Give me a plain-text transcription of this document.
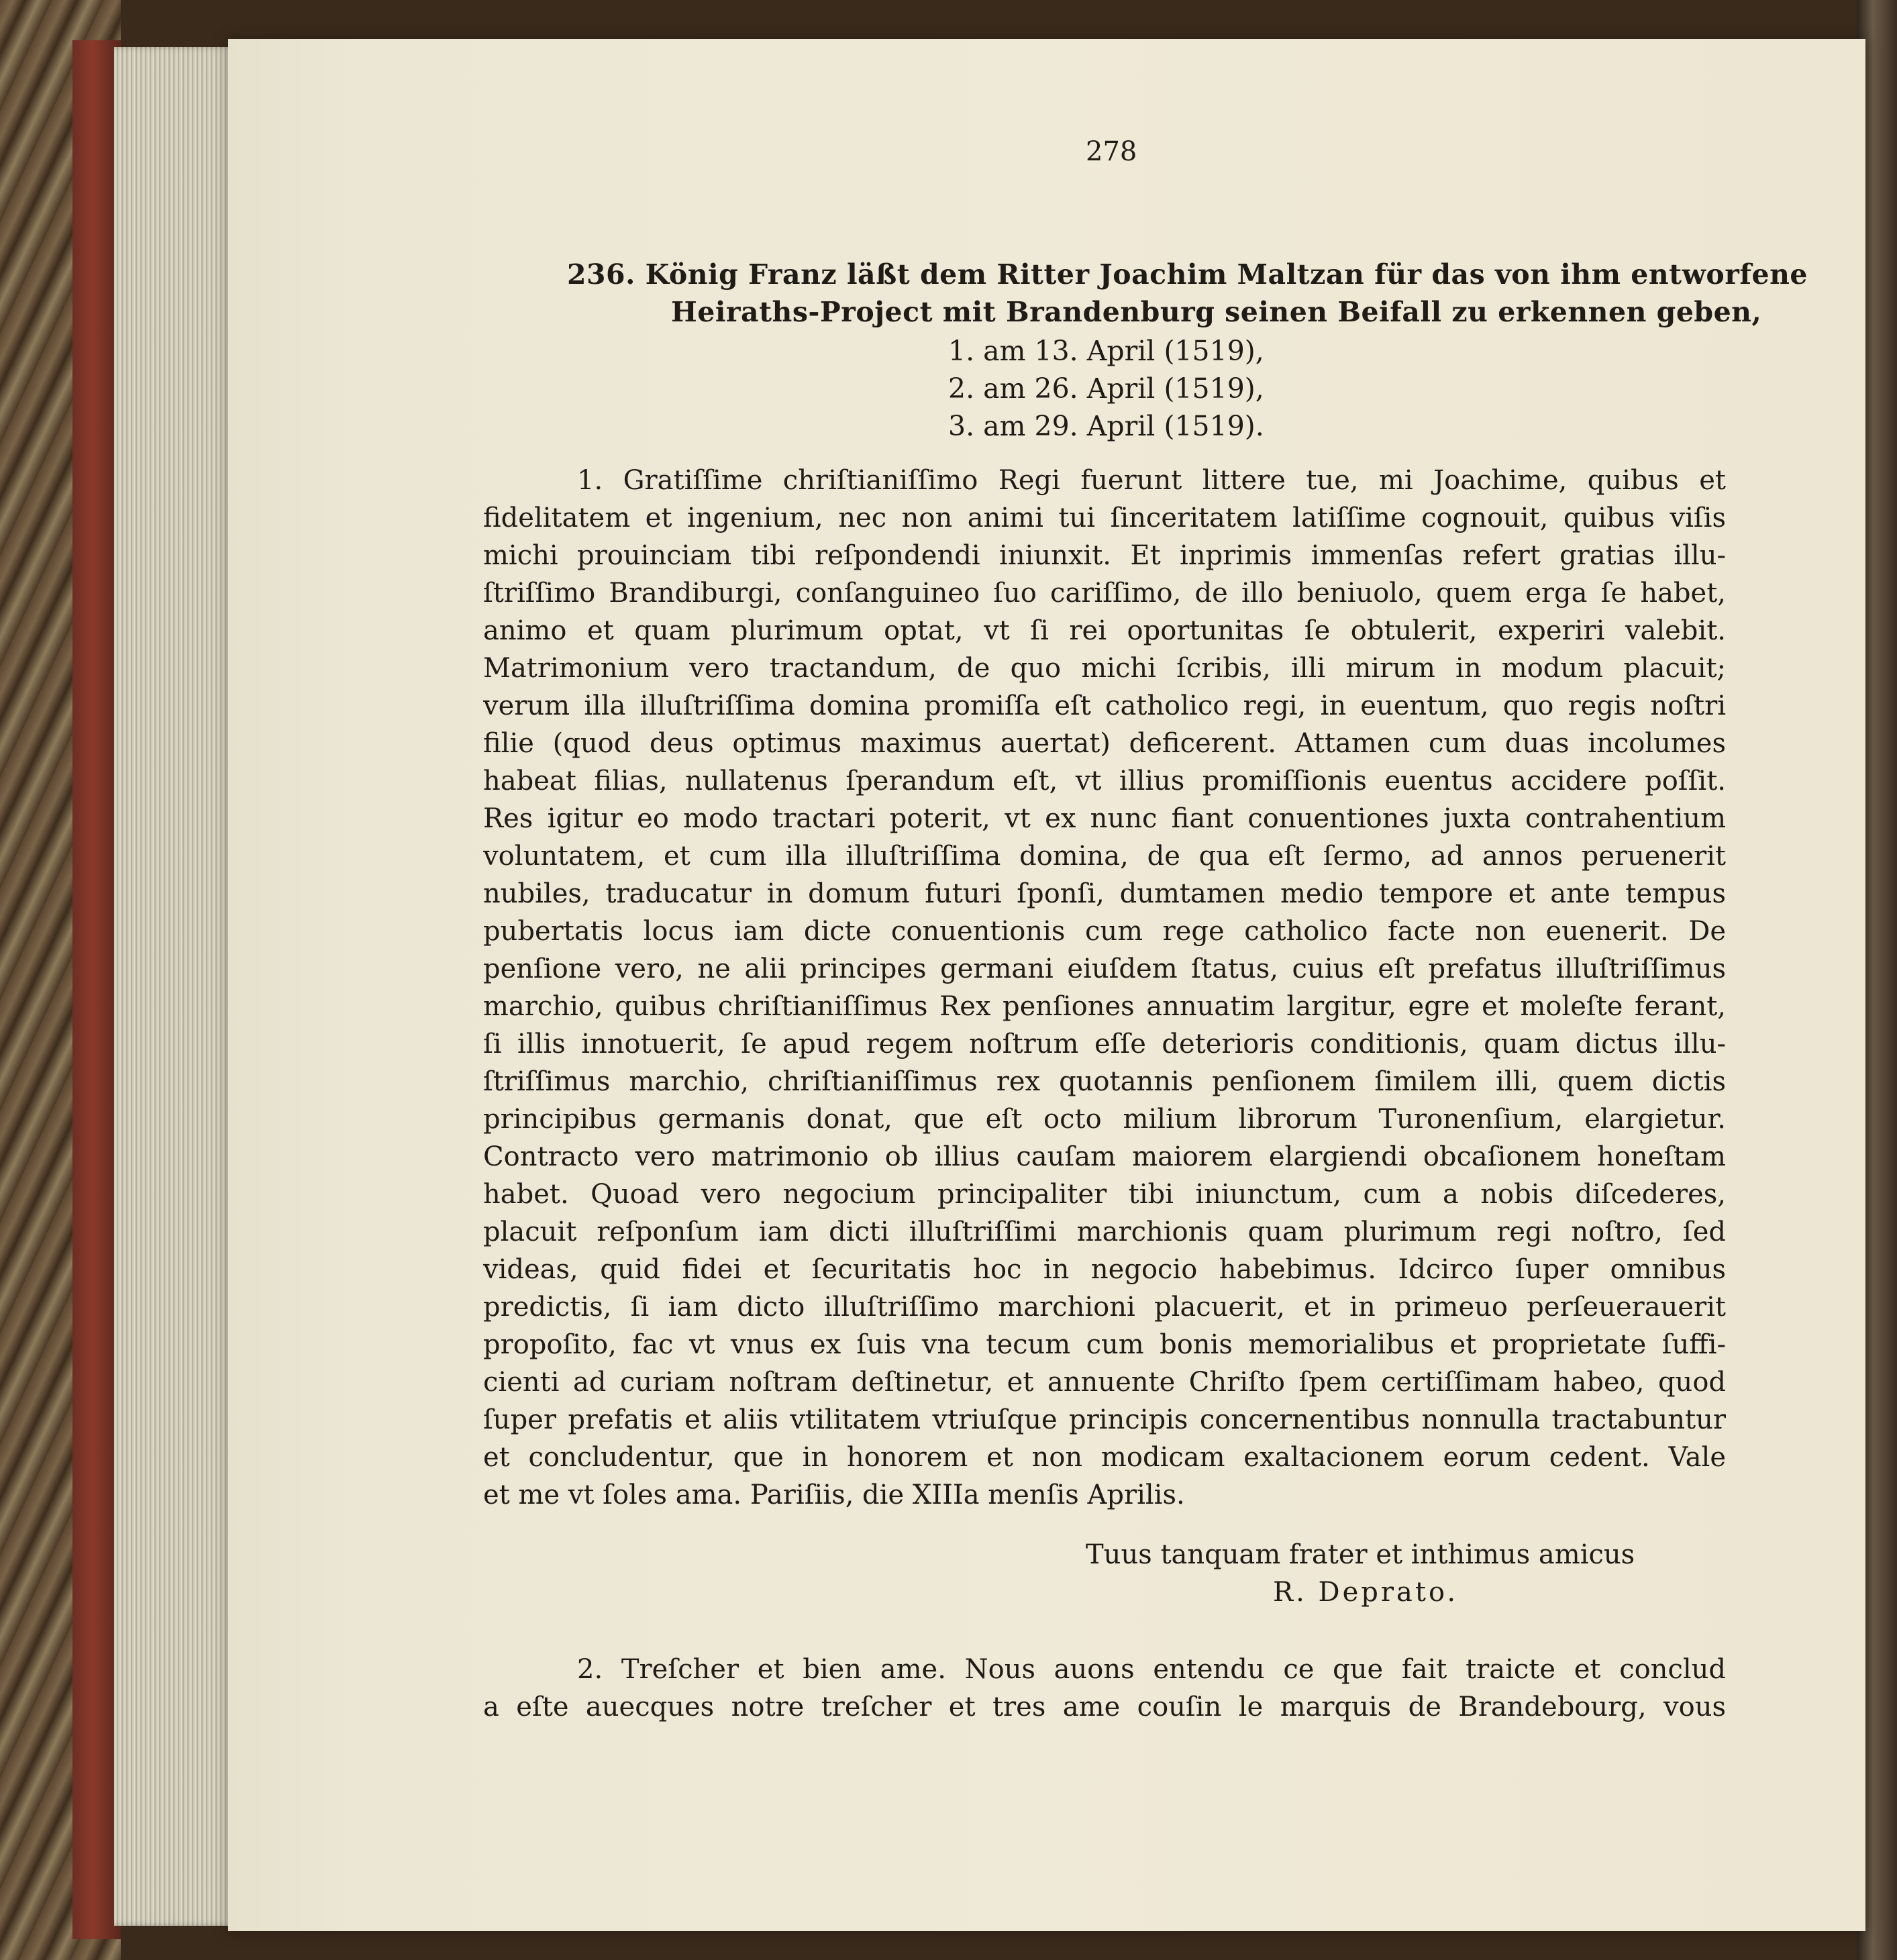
278
236. König Franz läßt dem Ritter Joachim Maltzan für das von ihm entworfene
Heiraths-Project mit Brandenburg seinen Beifall zu erkennen geben,
1. am 13. April (1519),
2. am 26. April (1519),
3. am 29. April (1519).
1. Gratiſſime chriſtianiſſimo Regi fuerunt littere tue, mi Joachime, quibus et
fidelitatem et ingenium, nec non animi tui ſinceritatem latiſſime cognouit, quibus viſis
michi prouinciam tibi reſpondendi iniunxit. Et inprimis immenſas refert gratias illu-
ſtriſſimo Brandiburgi, conſanguineo ſuo cariſſimo, de illo beniuolo, quem erga ſe habet,
animo et quam plurimum optat, vt ſi rei oportunitas ſe obtulerit, experiri valebit.
Matrimonium vero tractandum, de quo michi ſcribis, illi mirum in modum placuit;
verum illa illuſtriſſima domina promiſſa eſt catholico regi, in euentum, quo regis noſtri
filie (quod deus optimus maximus auertat) deficerent. Attamen cum duas incolumes
habeat filias, nullatenus ſperandum eſt, vt illius promiſſionis euentus accidere poſſit.
Res igitur eo modo tractari poterit, vt ex nunc fiant conuentiones juxta contrahentium
voluntatem, et cum illa illuſtriſſima domina, de qua eſt ſermo, ad annos peruenerit
nubiles, traducatur in domum futuri ſponſi, dumtamen medio tempore et ante tempus
pubertatis locus iam dicte conuentionis cum rege catholico facte non euenerit. De
penſione vero, ne alii principes germani eiuſdem ſtatus, cuius eſt prefatus illuſtriſſimus
marchio, quibus chriſtianiſſimus Rex penſiones annuatim largitur, egre et moleſte ferant,
ſi illis innotuerit, ſe apud regem noſtrum eſſe deterioris conditionis, quam dictus illu-
ſtriſſimus marchio, chriſtianiſſimus rex quotannis penſionem ſimilem illi, quem dictis
principibus germanis donat, que eſt octo milium librorum Turonenſium, elargietur.
Contracto vero matrimonio ob illius cauſam maiorem elargiendi obcaſionem honeſtam
habet. Quoad vero negocium principaliter tibi iniunctum, cum a nobis diſcederes,
placuit reſponſum iam dicti illuſtriſſimi marchionis quam plurimum regi noſtro, ſed
videas, quid fidei et ſecuritatis hoc in negocio habebimus. Idcirco ſuper omnibus
predictis, ſi iam dicto illuſtriſſimo marchioni placuerit, et in primeuo perſeuerauerit
propoſito, fac vt vnus ex ſuis vna tecum cum bonis memorialibus et proprietate ſuffi-
cienti ad curiam noſtram deſtinetur, et annuente Chriſto ſpem certiſſimam habeo, quod
ſuper prefatis et aliis vtilitatem vtriuſque principis concernentibus nonnulla tractabuntur
et concludentur, que in honorem et non modicam exaltacionem eorum cedent. Vale
et me vt ſoles ama. Pariſiis, die XIIIa menſis Aprilis.
Tuus tanquam frater et inthimus amicus
R. Deprato.
2. Treſcher et bien ame. Nous auons entendu ce que fait traicte et conclud
a eſte auecques notre treſcher et tres ame couſin le marquis de Brandebourg, vous
